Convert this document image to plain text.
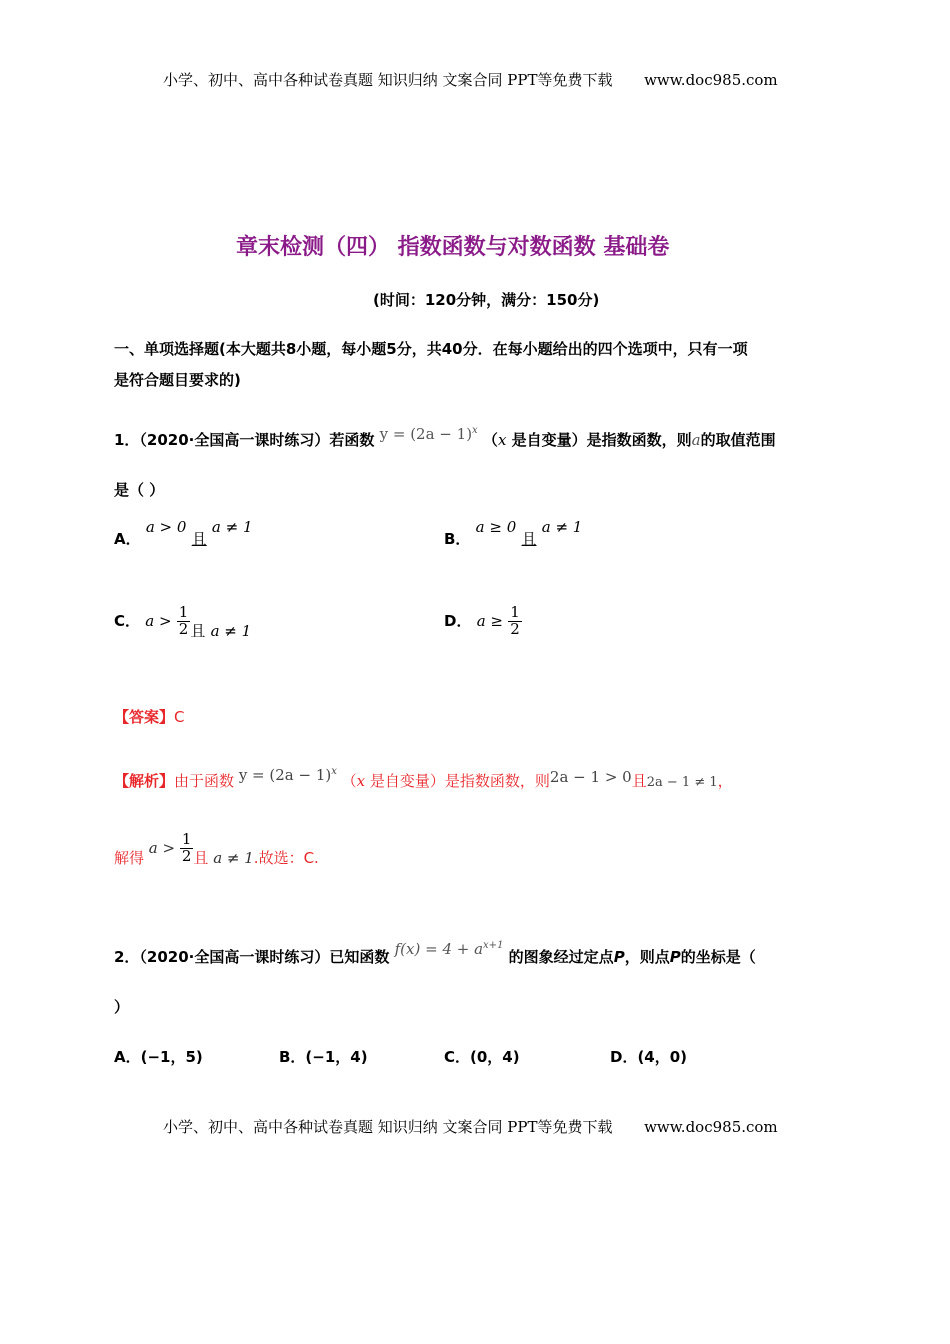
小学、初中、高中各种试卷真题 知识归纳 文案合同 PPT等免费下载 www.doc985.com
章末检测（四） 指数函数与对数函数 基础卷
(时间：120分钟，满分：150分)
一、单项选择题(本大题共8小题，每小题5分，共40分．在每小题给出的四个选项中，只有一项
是符合题目要求的)
1．（2020·全国高一课时练习）若函数 $y = (2a - 1)^x$ （x 是自变量）是指数函数，则a的取值范围
是（ ）
A． a > 0 且 a ≠ 1
B． a ≥ 0 且 a ≠ 1
C． $a > \frac{1}{2}$ 且 a ≠ 1
D． $a \ge \frac{1}{2}$
【答案】C
【解析】由于函数 $y = (2a - 1)^x$ （x 是自变量）是指数函数，则2a − 1 > 0且2a − 1 ≠ 1，
解得 $a > \frac{1}{2}$ 且 a ≠ 1.故选：C.
2．（2020·全国高一课时练习）已知函数 $f(x) = 4 + a^{x+1}$ 的图象经过定点P，则点P的坐标是（
）
A．(−1，5)	B．(−1，4)	C．(0，4)	D．(4，0)
小学、初中、高中各种试卷真题 知识归纳 文案合同 PPT等免费下载 www.doc985.com
